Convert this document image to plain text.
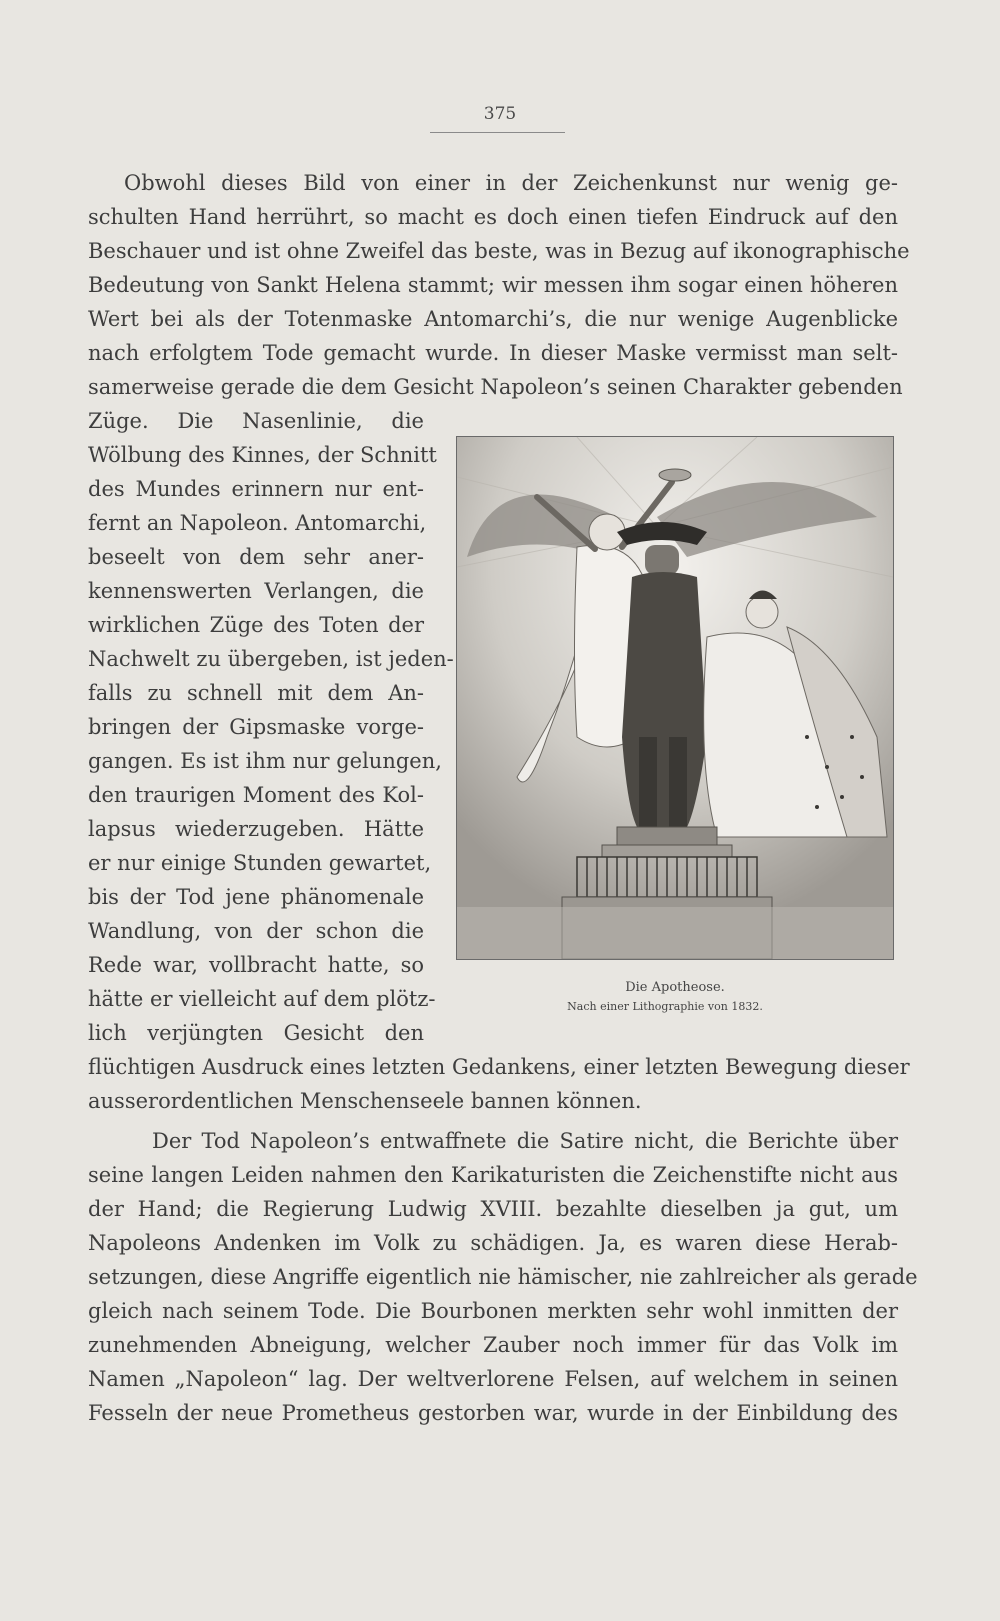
375
Obwohl dieses Bild von einer in der Zeichenkunst nur wenig ge-
schulten Hand herrührt, so macht es doch einen tiefen Eindruck auf den
Beschauer und ist ohne Zweifel das beste, was in Bezug auf ikonographische
Bedeutung von Sankt Helena stammt; wir messen ihm sogar einen höheren
Wert bei als der Totenmaske Antomarchi’s, die nur wenige Augenblicke
nach erfolgtem Tode gemacht wurde. In dieser Maske vermisst man selt-
samerweise gerade die dem Gesicht Napoleon’s seinen Charakter gebenden
Züge. Die Nasenlinie, die
Wölbung des Kinnes, der Schnitt
des Mundes erinnern nur ent-
fernt an Napoleon. Antomarchi,
beseelt von dem sehr aner-
kennenswerten Verlangen, die
wirklichen Züge des Toten der
Nachwelt zu übergeben, ist jeden-
falls zu schnell mit dem An-
bringen der Gipsmaske vorge-
gangen. Es ist ihm nur gelungen,
den traurigen Moment des Kol-
lapsus wiederzugeben. Hätte
er nur einige Stunden gewartet,
bis der Tod jene phänomenale
Wandlung, von der schon die
Rede war, vollbracht hatte, so
hätte er vielleicht auf dem plötz-
lich verjüngten Gesicht den
flüchtigen Ausdruck eines letzten Gedankens, einer letzten Bewegung dieser
ausserordentlichen Menschenseele bannen können.
Der Tod Napoleon’s entwaffnete die Satire nicht, die Berichte über
seine langen Leiden nahmen den Karikaturisten die Zeichenstifte nicht aus
der Hand; die Regierung Ludwig XVIII. bezahlte dieselben ja gut, um
Napoleons Andenken im Volk zu schädigen. Ja, es waren diese Herab-
setzungen, diese Angriffe eigentlich nie hämischer, nie zahlreicher als gerade
gleich nach seinem Tode. Die Bourbonen merkten sehr wohl inmitten der
zunehmenden Abneigung, welcher Zauber noch immer für das Volk im
Namen „Napoleon“ lag. Der weltverlorene Felsen, auf welchem in seinen
Fesseln der neue Prometheus gestorben war, wurde in der Einbildung des
Die Apotheose.
Nach einer Lithographie von 1832.
